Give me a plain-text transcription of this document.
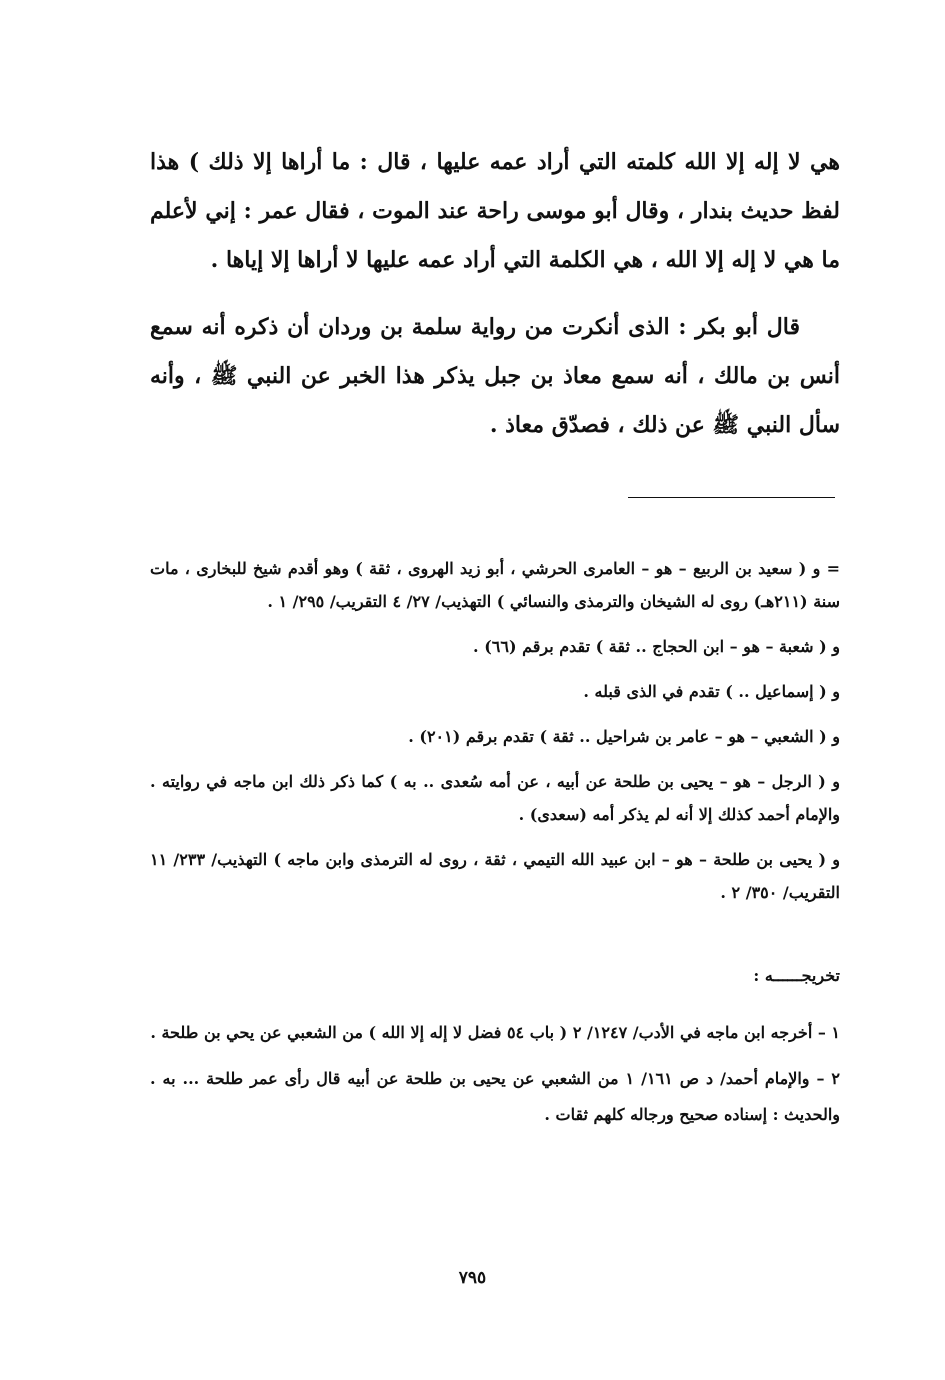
هي لا إله إلا الله كلمته التي أراد عمه عليها ، قال : ما أراها إلا ذلك ) هذا لفظ حديث بندار ، وقال أبو موسى راحة عند الموت ، فقال عمر : إني لأعلم ما هي لا إله إلا الله ، هي الكلمة التي أراد عمه عليها لا أراها إلا إياها .

قال أبو بكر : الذى أنكرت من رواية سلمة بن وردان أن ذكره أنه سمع أنس بن مالك ، أنه سمع معاذ بن جبل يذكر هذا الخبر عن النبي ﷺ ، وأنه سأل النبي ﷺ عن ذلك ، فصدّق معاذ .

= و ( سعيد بن الربيع – هو – العامرى الحرشي ، أبو زيد الهروى ، ثقة ) وهو أقدم شيخ للبخارى ، مات سنة (٢١١هـ) روى له الشيخان والترمذى والنسائي ) التهذيب/ ٢٧/ ٤ التقريب/ ٢٩٥/ ١ .

و ( شعبة – هو – ابن الحجاج .. ثقة ) تقدم برقم (٦٦) .

و ( إسماعيل .. ) تقدم في الذى قبله .

و ( الشعبي – هو – عامر بن شراحيل .. ثقة ) تقدم برقم (٢٠١) .

و ( الرجل – هو – يحيى بن طلحة عن أبيه ، عن أمه سُعدى .. به ) كما ذكر ذلك ابن ماجه في روايته . والإمام أحمد كذلك إلا أنه لم يذكر أمه (سعدى) .

و ( يحيى بن طلحة – هو – ابن عبيد الله التيمي ، ثقة ، روى له الترمذى وابن ماجه ) التهذيب/ ٢٣٣/ ١١ التقريب/ ٣٥٠/ ٢ .

تخريجــــــه :

١ – أخرجه ابن ماجه في الأدب/ ١٢٤٧/ ٢ ( باب ٥٤ فضل لا إله إلا الله ) من الشعبي عن يحي بن طلحة .

٢ – والإمام أحمد/ د ص ١٦١/ ١ من الشعبي عن يحيى بن طلحة عن أبيه قال رأى عمر طلحة ... به . والحديث : إسناده صحيح ورجاله كلهم ثقات .

٧٩٥
